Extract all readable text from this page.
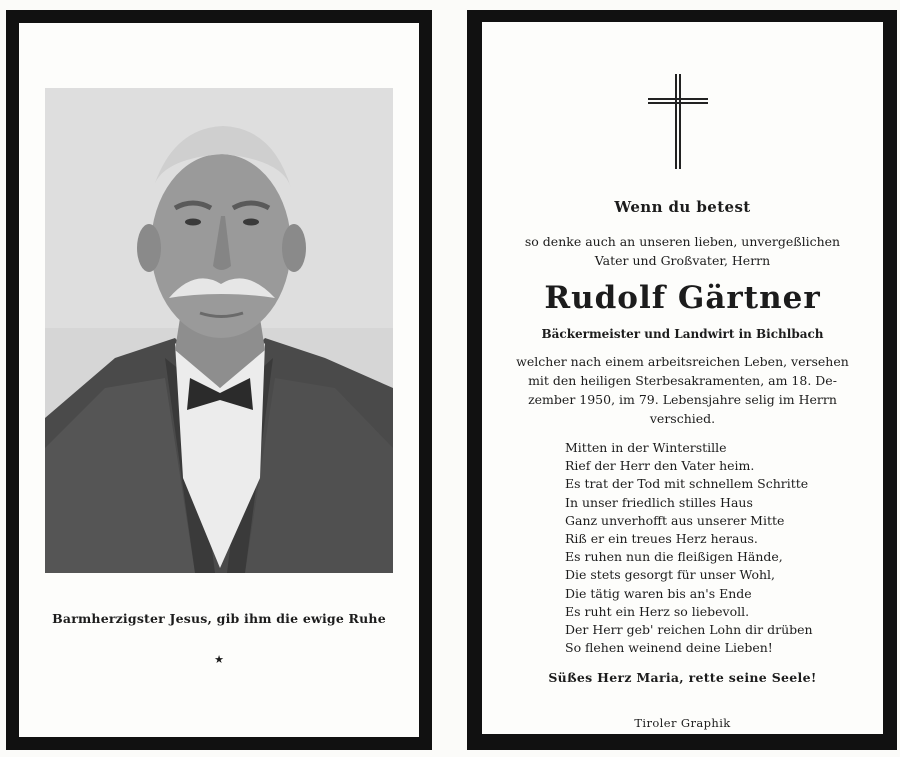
Barmherzigster Jesus, gib ihm die ewige Ruhe
★
Wenn du betest
so denke auch an unseren lieben, unvergeßlichen
Vater und Großvater, Herrn
Rudolf Gärtner
Bäckermeister und Landwirt in Bichlbach
welcher nach einem arbeitsreichen Leben, versehen
mit den heiligen Sterbesakramenten, am 18. De-
zember 1950, im 79. Lebensjahre selig im Herrn
verschied.
Mitten in der Winterstille
Rief der Herr den Vater heim.
Es trat der Tod mit schnellem Schritte
In unser friedlich stilles Haus
Ganz unverhofft aus unserer Mitte
Riß er ein treues Herz heraus.
Es ruhen nun die fleißigen Hände,
Die stets gesorgt für unser Wohl,
Die tätig waren bis an's Ende
Es ruht ein Herz so liebevoll.
Der Herr geb' reichen Lohn dir drüben
So flehen weinend deine Lieben!
Süßes Herz Maria, rette seine Seele!
Tiroler Graphik
